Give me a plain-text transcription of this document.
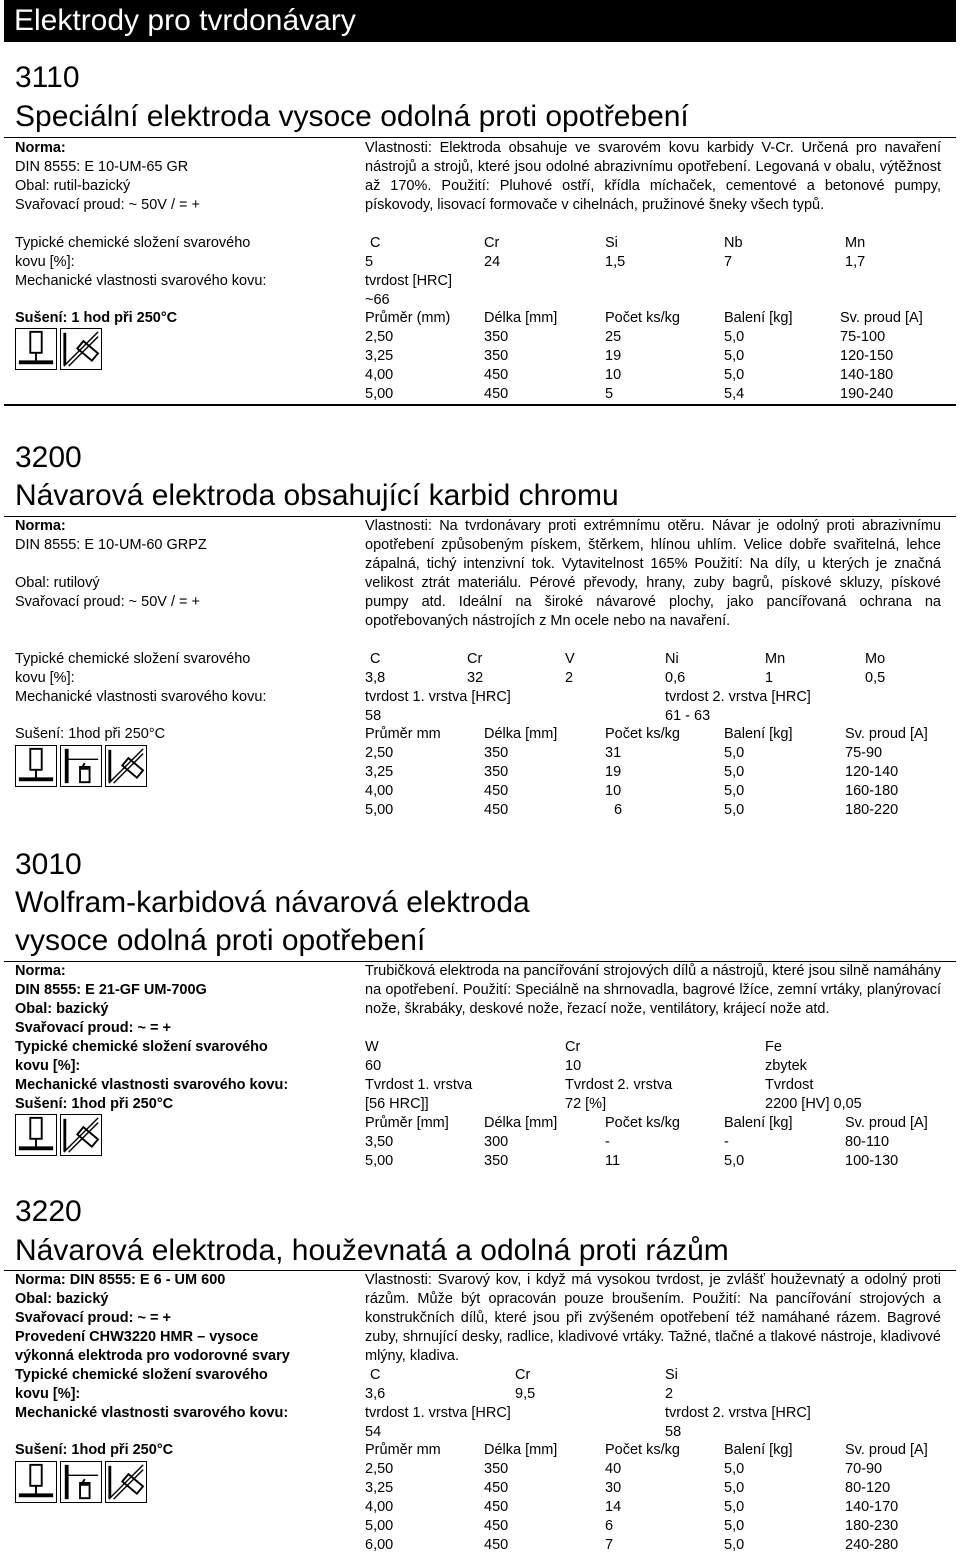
Elektrody pro tvrdonávary
3110
Speciální elektroda vysoce odolná proti opotřebení
Norma:
DIN 8555: E 10-UM-65 GR
Obal: rutil-bazický
Svařovací proud: ~ 50V / = +
Vlastnosti: Elektroda obsahuje ve svarovém kovu karbidy V-Cr. Určená pro navaření nástrojů a strojů, které jsou odolné abrazivnímu opotřebení. Legovaná v obalu, výtěžnost až 170%. Použití: Pluhové ostří, křídla míchaček, cementové a betonové pumpy, pískovody, lisovací formovače v cihelnách, pružinové šneky všech typů.
Typické chemické složení svarového
kovu [%]:
C	Cr	Si	Nb	Mn
5	24	1,5	7	1,7
Mechanické vlastnosti svarového kovu:	tvrdost [HRC]
~66
Sušení: 1 hod při 250°C	Průměr (mm) Délka [mm]	Počet ks/kg	Balení [kg]	Sv. proud [A]
2,50	350	25	5,0	75-100
3,25	350	19	5,0	120-150
4,00	450	10	5,0	140-180
5,00	450	5	5,4	190-240
3200
Návarová elektroda obsahující karbid chromu
Norma:
DIN 8555: E 10-UM-60 GRPZ
Obal: rutilový
Svařovací proud: ~ 50V / = +
Vlastnosti: Na tvrdonávary proti extrémnímu otěru. Návar je odolný proti abrazivnímu opotřebení způsobeným pískem, štěrkem, hlínou uhlím. Velice dobře svařitelná, lehce zápalná, tichý intenzivní tok. Vytavitelnost 165% Použití: Na díly, u kterých je značná velikost ztrát materiálu. Pérové převody, hrany, zuby bagrů, pískové skluzy, pískové pumpy atd. Ideální na široké návarové plochy, jako pancířovaná ochrana na opotřebovaných nástrojích z Mn ocele nebo na navaření.
Typické chemické složení svarového
kovu [%]:
C	Cr	V	Ni	Mn	Mo
3,8	32	2	0,6	1	0,5
Mechanické vlastnosti svarového kovu:	tvrdost 1. vrstva [HRC]	tvrdost 2. vrstva [HRC]
58	61 - 63
Sušení: 1hod při 250°C	Průměr mm	Délka [mm]	Počet ks/kg	Balení [kg]	Sv. proud [A]
2,50	350	31	5,0	75-90
3,25	350	19	5,0	120-140
4,00	450	10	5,0	160-180
5,00	450	6	5,0	180-220
3010
Wolfram-karbidová návarová elektroda
vysoce odolná proti opotřebení
Norma:
DIN 8555: E 21-GF UM-700G
Obal: bazický
Svařovací proud: ~ = +
Trubičková elektroda na pancířování strojových dílů a nástrojů, které jsou silně namáhány na opotřebení. Použití: Speciálně na shrnovadla, bagrové lžíce, zemní vrtáky, planýrovací nože, škrabáky, deskové nože, řezací nože, ventilátory, krájecí nože atd.
Typické chemické složení svarového
kovu [%]:
W	Cr	Fe
60	10	zbytek
Mechanické vlastnosti svarového kovu:	Tvrdost 1. vrstva	Tvrdost 2. vrstva	Tvrdost
[56 HRC]]	72 [%]	2200 [HV] 0,05
Sušení: 1hod při 250°C
Průměr [mm] Délka [mm]	Počet ks/kg	Balení [kg]	Sv. proud [A]
3,50	300	-	-	80-110
5,00	350	11	5,0	100-130
3220
Návarová elektroda, houževnatá a odolná proti rázům
Norma: DIN 8555: E 6 - UM 600
Obal: bazický
Svařovací proud: ~ = +
Provedení CHW3220 HMR – vysoce
výkonná elektroda pro vodorovné svary
Vlastnosti: Svarový kov, i když má vysokou tvrdost, je zvlášť houževnatý a odolný proti rázům. Může být opracován pouze broušením. Použití: Na pancířování strojových a konstrukčních dílů, které jsou při zvýšeném opotřebení též namáhané rázem. Bagrové zuby, shrnující desky, radlice, kladivové vrtáky. Tažné, tlačné a tlakové nástroje, kladivové mlýny, kladiva.
Typické chemické složení svarového
kovu [%]:
C	Cr	Si
3,6	9,5	2
Mechanické vlastnosti svarového kovu:	tvrdost 1. vrstva [HRC]	tvrdost 2. vrstva [HRC]
54	58
Sušení: 1hod při 250°C	Průměr mm	Délka [mm]	Počet ks/kg	Balení [kg]	Sv. proud [A]
2,50	350	40	5,0	70-90
3,25	450	30	5,0	80-120
4,00	450	14	5,0	140-170
5,00	450	6	5,0	180-230
6,00	450	7	5,0	240-280
